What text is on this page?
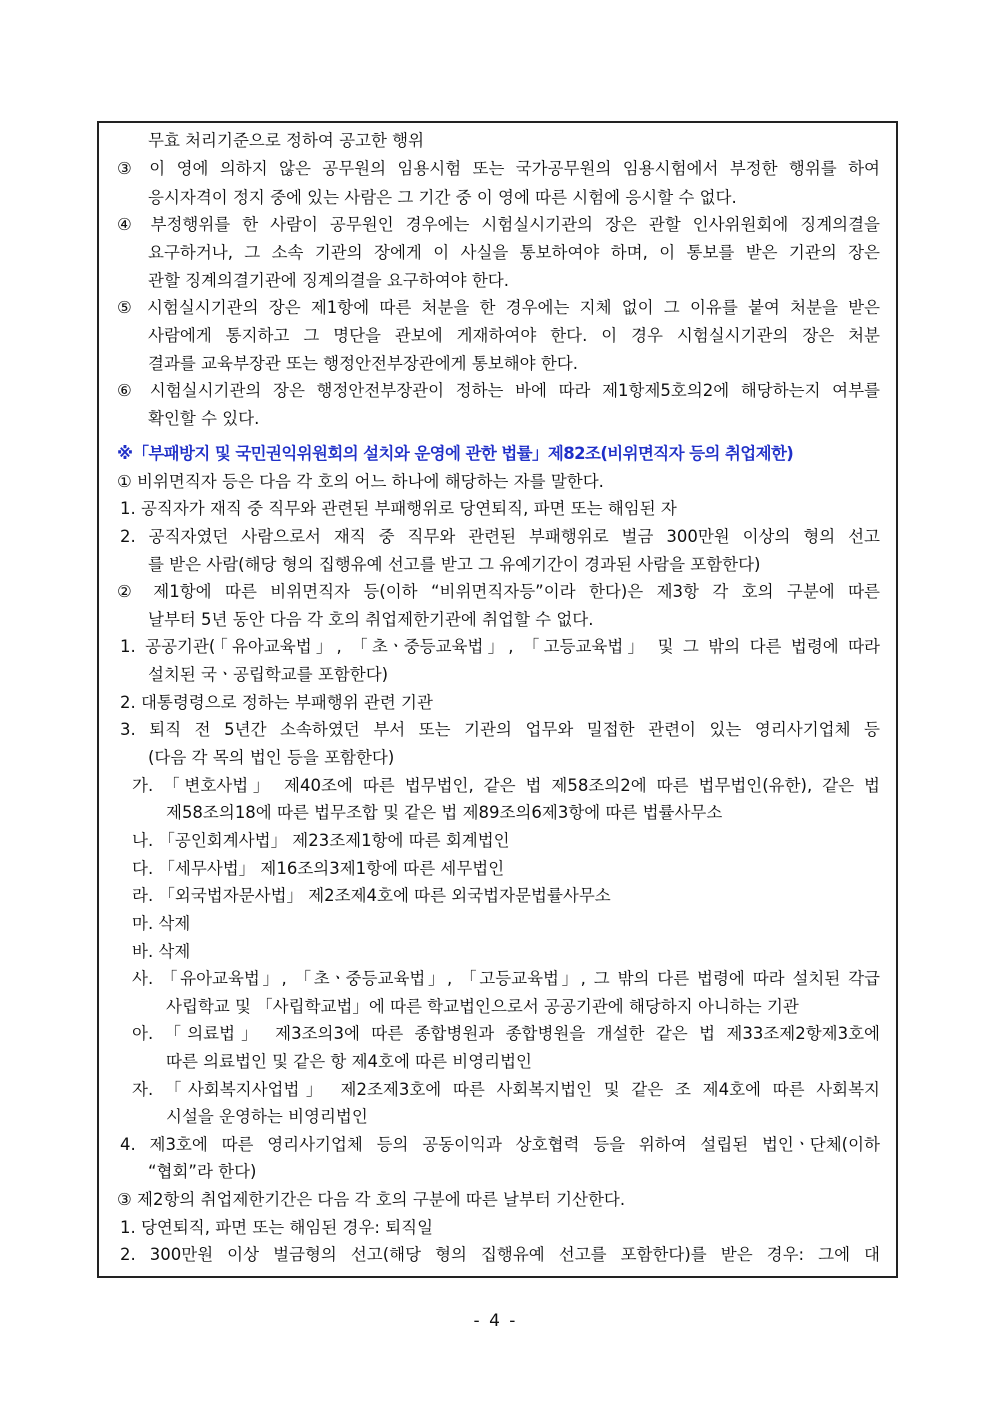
무효 처리기준으로 정하여 공고한 행위
③ 이 영에 의하지 않은 공무원의 임용시험 또는 국가공무원의 임용시험에서 부정한 행위를 하여
응시자격이 정지 중에 있는 사람은 그 기간 중 이 영에 따른 시험에 응시할 수 없다.
④ 부정행위를 한 사람이 공무원인 경우에는 시험실시기관의 장은 관할 인사위원회에 징계의결을
요구하거나, 그 소속 기관의 장에게 이 사실을 통보하여야 하며, 이 통보를 받은 기관의 장은
관할 징계의결기관에 징계의결을 요구하여야 한다.
⑤ 시험실시기관의 장은 제1항에 따른 처분을 한 경우에는 지체 없이 그 이유를 붙여 처분을 받은
사람에게 통지하고 그 명단을 관보에 게재하여야 한다. 이 경우 시험실시기관의 장은 처분
결과를 교육부장관 또는 행정안전부장관에게 통보해야 한다.
⑥ 시험실시기관의 장은 행정안전부장관이 정하는 바에 따라 제1항제5호의2에 해당하는지 여부를
확인할 수 있다.
※「부패방지 및 국민권익위원회의 설치와 운영에 관한 법률」제82조(비위면직자 등의 취업제한)
① 비위면직자 등은 다음 각 호의 어느 하나에 해당하는 자를 말한다.
1. 공직자가 재직 중 직무와 관련된 부패행위로 당연퇴직, 파면 또는 해임된 자
2. 공직자였던 사람으로서 재직 중 직무와 관련된 부패행위로 벌금 300만원 이상의 형의 선고
를 받은 사람(해당 형의 집행유예 선고를 받고 그 유예기간이 경과된 사람을 포함한다)
② 제1항에 따른 비위면직자 등(이하 “비위면직자등”이라 한다)은 제3항 각 호의 구분에 따른
날부터 5년 동안 다음 각 호의 취업제한기관에 취업할 수 없다.
1. 공공기관(「유아교육법」, 「초ㆍ중등교육법」, 「고등교육법」 및 그 밖의 다른 법령에 따라
설치된 국ㆍ공립학교를 포함한다)
2. 대통령령으로 정하는 부패행위 관련 기관
3. 퇴직 전 5년간 소속하였던 부서 또는 기관의 업무와 밀접한 관련이 있는 영리사기업체 등
(다음 각 목의 법인 등을 포함한다)
가. 「변호사법」 제40조에 따른 법무법인, 같은 법 제58조의2에 따른 법무법인(유한), 같은 법
제58조의18에 따른 법무조합 및 같은 법 제89조의6제3항에 따른 법률사무소
나. 「공인회계사법」 제23조제1항에 따른 회계법인
다. 「세무사법」 제16조의3제1항에 따른 세무법인
라. 「외국법자문사법」 제2조제4호에 따른 외국법자문법률사무소
마. 삭제
바. 삭제
사. 「유아교육법」, 「초ㆍ중등교육법」, 「고등교육법」, 그 밖의 다른 법령에 따라 설치된 각급
사립학교 및 「사립학교법」에 따른 학교법인으로서 공공기관에 해당하지 아니하는 기관
아. 「의료법」 제3조의3에 따른 종합병원과 종합병원을 개설한 같은 법 제33조제2항제3호에
따른 의료법인 및 같은 항 제4호에 따른 비영리법인
자. 「사회복지사업법」 제2조제3호에 따른 사회복지법인 및 같은 조 제4호에 따른 사회복지
시설을 운영하는 비영리법인
4. 제3호에 따른 영리사기업체 등의 공동이익과 상호협력 등을 위하여 설립된 법인ㆍ단체(이하
“협회”라 한다)
③ 제2항의 취업제한기간은 다음 각 호의 구분에 따른 날부터 기산한다.
1. 당연퇴직, 파면 또는 해임된 경우: 퇴직일
2. 300만원 이상 벌금형의 선고(해당 형의 집행유예 선고를 포함한다)를 받은 경우: 그에 대
- 4 -
